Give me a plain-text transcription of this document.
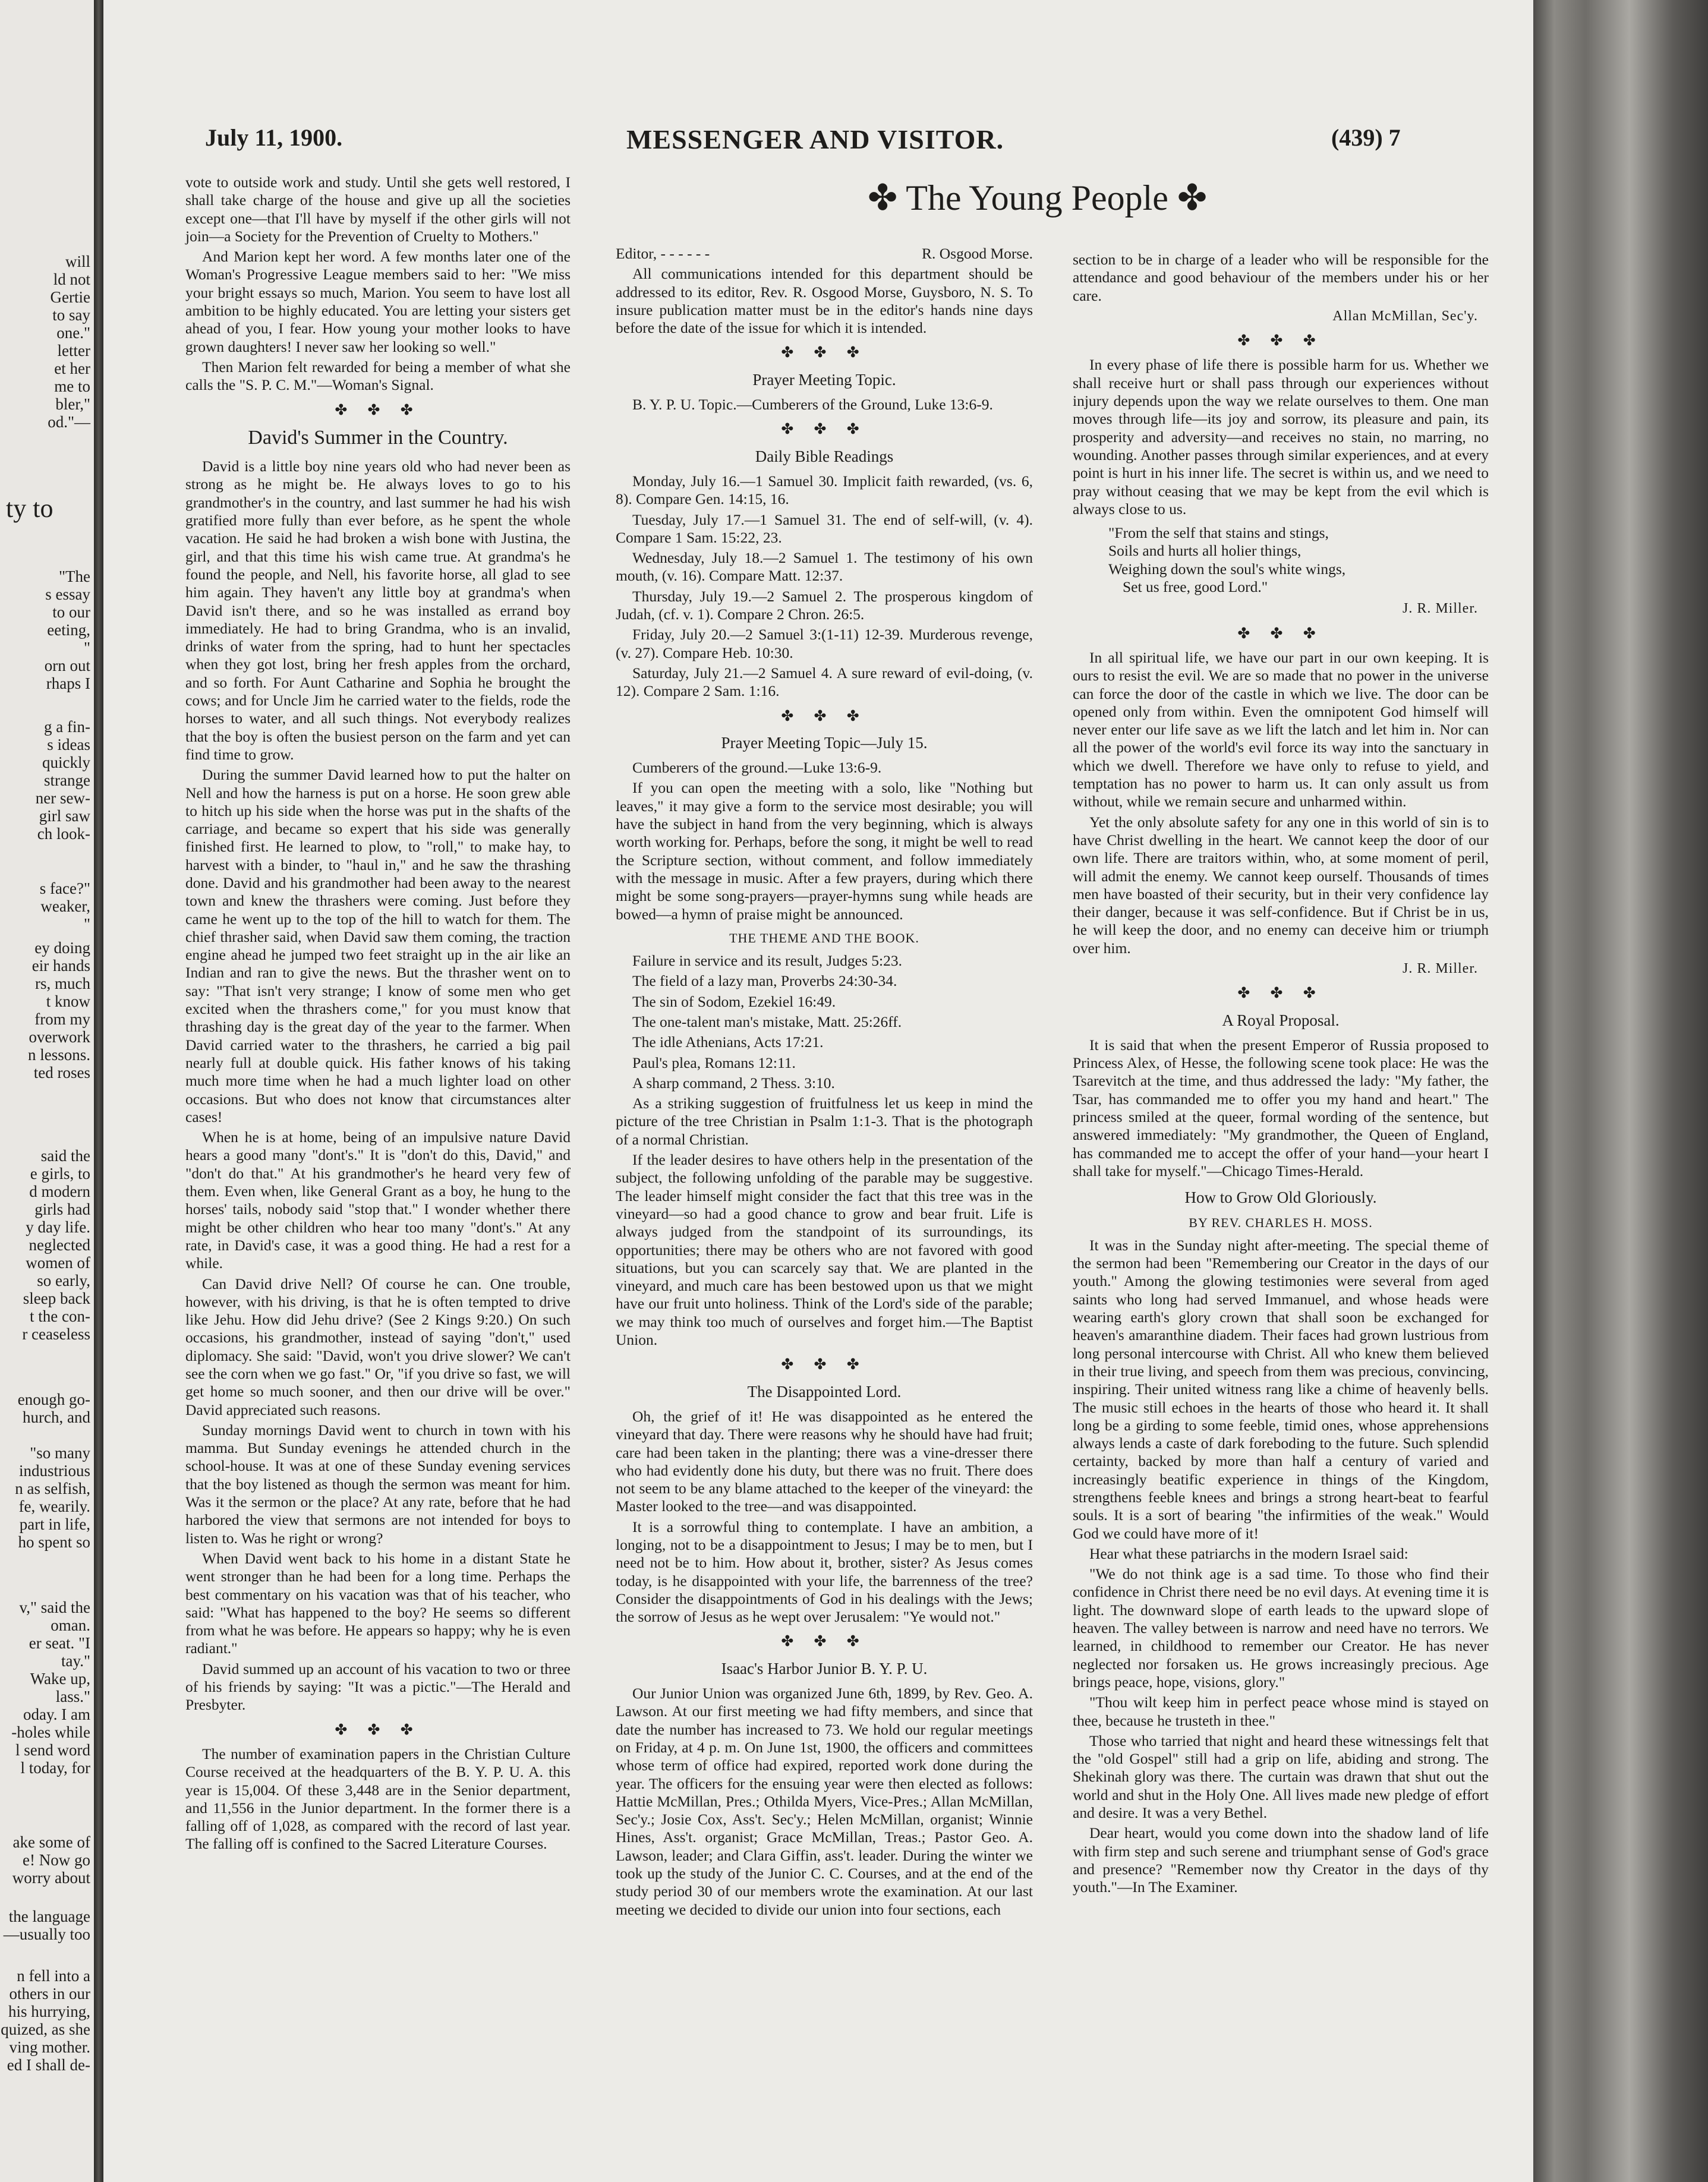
will
ld not
Gertie
to say
one."
letter
et her
me to
bler,"
od."—
"The
s essay
to our
eeting,
"
orn out
rhaps I
g a fin-
s ideas
quickly
strange
ner sew-
girl saw
ch look-
s face?"
weaker,
"
ey doing
eir hands
rs, much
t know
from my
overwork
n lessons.
ted roses
said the
e girls, to
d modern
girls had
y day life.
neglected
women of
so early,
sleep back
t the con-
r ceaseless
enough go-
hurch, and
"so many
industrious
n as selfish,
fe, wearily.
part in life,
ho spent so
v," said the
oman.
er seat. "I
tay."
Wake up,
lass."
oday. I am
-holes while
l send word
l today, for
ake some of
e! Now go
worry about
the language
—usually too
n fell into a
others in our
his hurrying,
quized, as she
ving mother.
ed I shall de-
ty to
July 11, 1900.	MESSENGER AND VISITOR.	(439) 7
✤ The Young People ✤

vote to outside work and study. Until she gets well restored, I shall take charge of the house and give up all the societies except one—that I'll have by myself if the other girls will not join—a Society for the Prevention of Cruelty to Mothers."

And Marion kept her word. A few months later one of the Woman's Progressive League members said to her: "We miss your bright essays so much, Marion. You seem to have lost all ambition to be highly educated. You are letting your sisters get ahead of you, I fear. How young your mother looks to have grown daughters! I never saw her looking so well."

Then Marion felt rewarded for being a member of what she calls the "S. P. C. M."—Woman's Signal.

✤ ✤ ✤
David's Summer in the Country.

David is a little boy nine years old who had never been as strong as he might be. He always loves to go to his grandmother's in the country, and last summer he had his wish gratified more fully than ever before, as he spent the whole vacation. He said he had broken a wish bone with Justina, the girl, and that this time his wish came true. At grandma's he found the people, and Nell, his favorite horse, all glad to see him again. They haven't any little boy at grandma's when David isn't there, and so he was installed as errand boy immediately. He had to bring Grandma, who is an invalid, drinks of water from the spring, had to hunt her spectacles when they got lost, bring her fresh apples from the orchard, and so forth. For Aunt Catharine and Sophia he brought the cows; and for Uncle Jim he carried water to the fields, rode the horses to water, and all such things. Not everybody realizes that the boy is often the busiest person on the farm and yet can find time to grow.

During the summer David learned how to put the halter on Nell and how the harness is put on a horse. He soon grew able to hitch up his side when the horse was put in the shafts of the carriage, and became so expert that his side was generally finished first. He learned to plow, to "roll," to make hay, to harvest with a binder, to "haul in," and he saw the thrashing done. David and his grandmother had been away to the nearest town and knew the thrashers were coming. Just before they came he went up to the top of the hill to watch for them. The chief thrasher said, when David saw them coming, the traction engine ahead he jumped two feet straight up in the air like an Indian and ran to give the news. But the thrasher went on to say: "That isn't very strange; I know of some men who get excited when the thrashers come," for you must know that thrashing day is the great day of the year to the farmer. When David carried water to the thrashers, he carried a big pail nearly full at double quick. His father knows of his taking much more time when he had a much lighter load on other occasions. But who does not know that circumstances alter cases!

When he is at home, being of an impulsive nature David hears a good many "dont's." It is "don't do this, David," and "don't do that." At his grandmother's he heard very few of them. Even when, like General Grant as a boy, he hung to the horses' tails, nobody said "stop that." I wonder whether there might be other children who hear too many "dont's." At any rate, in David's case, it was a good thing. He had a rest for a while.

Can David drive Nell? Of course he can. One trouble, however, with his driving, is that he is often tempted to drive like Jehu. How did Jehu drive? (See 2 Kings 9:20.) On such occasions, his grandmother, instead of saying "don't," used diplomacy. She said: "David, won't you drive slower? We can't see the corn when we go fast." Or, "if you drive so fast, we will get home so much sooner, and then our drive will be over." David appreciated such reasons.

Sunday mornings David went to church in town with his mamma. But Sunday evenings he attended church in the school-house. It was at one of these Sunday evening services that the boy listened as though the sermon was meant for him. Was it the sermon or the place? At any rate, before that he had harbored the view that sermons are not intended for boys to listen to. Was he right or wrong?

When David went back to his home in a distant State he went stronger than he had been for a long time. Perhaps the best commentary on his vacation was that of his teacher, who said: "What has happened to the boy? He seems so different from what he was before. He appears so happy; why he is even radiant."

David summed up an account of his vacation to two or three of his friends by saying: "It was a pictic."—The Herald and Presbyter.

✤ ✤ ✤

The number of examination papers in the Christian Culture Course received at the headquarters of the B. Y. P. U. A. this year is 15,004. Of these 3,448 are in the Senior department, and 11,556 in the Junior department. In the former there is a falling off of 1,028, as compared with the record of last year. The falling off is confined to the Sacred Literature Courses.

Editor, - - - - - -	R. Osgood Morse.

All communications intended for this department should be addressed to its editor, Rev. R. Osgood Morse, Guysboro, N. S. To insure publication matter must be in the editor's hands nine days before the date of the issue for which it is intended.

✤ ✤ ✤
Prayer Meeting Topic.

B. Y. P. U. Topic.—Cumberers of the Ground, Luke 13:6-9.

✤ ✤ ✤
Daily Bible Readings

Monday, July 16.—1 Samuel 30. Implicit faith rewarded, (vs. 6, 8). Compare Gen. 14:15, 16.

Tuesday, July 17.—1 Samuel 31. The end of self-will, (v. 4). Compare 1 Sam. 15:22, 23.

Wednesday, July 18.—2 Samuel 1. The testimony of his own mouth, (v. 16). Compare Matt. 12:37.

Thursday, July 19.—2 Samuel 2. The prosperous kingdom of Judah, (cf. v. 1). Compare 2 Chron. 26:5.

Friday, July 20.—2 Samuel 3:(1-11) 12-39. Murderous revenge, (v. 27). Compare Heb. 10:30.

Saturday, July 21.—2 Samuel 4. A sure reward of evil-doing, (v. 12). Compare 2 Sam. 1:16.

✤ ✤ ✤
Prayer Meeting Topic—July 15.

Cumberers of the ground.—Luke 13:6-9.

If you can open the meeting with a solo, like "Nothing but leaves," it may give a form to the service most desirable; you will have the subject in hand from the very beginning, which is always worth working for. Perhaps, before the song, it might be well to read the Scripture section, without comment, and follow immediately with the message in music. After a few prayers, during which there might be some song-prayers—prayer-hymns sung while heads are bowed—a hymn of praise might be announced.

THE THEME AND THE BOOK.

Failure in service and its result, Judges 5:23.

The field of a lazy man, Proverbs 24:30-34.

The sin of Sodom, Ezekiel 16:49.

The one-talent man's mistake, Matt. 25:26ff.

The idle Athenians, Acts 17:21.

Paul's plea, Romans 12:11.

A sharp command, 2 Thess. 3:10.

As a striking suggestion of fruitfulness let us keep in mind the picture of the tree Christian in Psalm 1:1-3. That is the photograph of a normal Christian.

If the leader desires to have others help in the presentation of the subject, the following unfolding of the parable may be suggestive. The leader himself might consider the fact that this tree was in the vineyard—so had a good chance to grow and bear fruit. Life is always judged from the standpoint of its surroundings, its opportunities; there may be others who are not favored with good situations, but you can scarcely say that. We are planted in the vineyard, and much care has been bestowed upon us that we might have our fruit unto holiness. Think of the Lord's side of the parable; we may think too much of ourselves and forget him.—The Baptist Union.

✤ ✤ ✤
The Disappointed Lord.

Oh, the grief of it! He was disappointed as he entered the vineyard that day. There were reasons why he should have had fruit; care had been taken in the planting; there was a vine-dresser there who had evidently done his duty, but there was no fruit. There does not seem to be any blame attached to the keeper of the vineyard: the Master looked to the tree—and was disappointed.

It is a sorrowful thing to contemplate. I have an ambition, a longing, not to be a disappointment to Jesus; I may be to men, but I need not be to him. How about it, brother, sister? As Jesus comes today, is he disappointed with your life, the barrenness of the tree? Consider the disappointments of God in his dealings with the Jews; the sorrow of Jesus as he wept over Jerusalem: "Ye would not."

✤ ✤ ✤
Isaac's Harbor Junior B. Y. P. U.

Our Junior Union was organized June 6th, 1899, by Rev. Geo. A. Lawson. At our first meeting we had fifty members, and since that date the number has increased to 73. We hold our regular meetings on Friday, at 4 p. m. On June 1st, 1900, the officers and committees whose term of office had expired, reported work done during the year. The officers for the ensuing year were then elected as follows: Hattie McMillan, Pres.; Othilda Myers, Vice-Pres.; Allan McMillan, Sec'y.; Josie Cox, Ass't. Sec'y.; Helen McMillan, organist; Winnie Hines, Ass't. organist; Grace McMillan, Treas.; Pastor Geo. A. Lawson, leader; and Clara Giffin, ass't. leader. During the winter we took up the study of the Junior C. C. Courses, and at the end of the study period 30 of our members wrote the examination. At our last meeting we decided to divide our union into four sections, each

section to be in charge of a leader who will be responsible for the attendance and good behaviour of the members under his or her care.

Allan McMillan, Sec'y.
✤ ✤ ✤

In every phase of life there is possible harm for us. Whether we shall receive hurt or shall pass through our experiences without injury depends upon the way we relate ourselves to them. One man moves through life—its joy and sorrow, its pleasure and pain, its prosperity and adversity—and receives no stain, no marring, no wounding. Another passes through similar experiences, and at every point is hurt in his inner life. The secret is within us, and we need to pray without ceasing that we may be kept from the evil which is always close to us.

"From the self that stains and stings,
Soils and hurts all holier things,
Weighing down the soul's white wings,
Set us free, good Lord."
J. R. Miller.
✤ ✤ ✤

In all spiritual life, we have our part in our own keeping. It is ours to resist the evil. We are so made that no power in the universe can force the door of the castle in which we live. The door can be opened only from within. Even the omnipotent God himself will never enter our life save as we lift the latch and let him in. Nor can all the power of the world's evil force its way into the sanctuary in which we dwell. Therefore we have only to refuse to yield, and temptation has no power to harm us. It can only assult us from without, while we remain secure and unharmed within.

Yet the only absolute safety for any one in this world of sin is to have Christ dwelling in the heart. We cannot keep the door of our own life. There are traitors within, who, at some moment of peril, will admit the enemy. We cannot keep ourself. Thousands of times men have boasted of their security, but in their very confidence lay their danger, because it was self-confidence. But if Christ be in us, he will keep the door, and no enemy can deceive him or triumph over him.

J. R. Miller.
✤ ✤ ✤
A Royal Proposal.

It is said that when the present Emperor of Russia proposed to Princess Alex, of Hesse, the following scene took place: He was the Tsarevitch at the time, and thus addressed the lady: "My father, the Tsar, has commanded me to offer you my hand and heart." The princess smiled at the queer, formal wording of the sentence, but answered immediately: "My grandmother, the Queen of England, has commanded me to accept the offer of your hand—your heart I shall take for myself."—Chicago Times-Herald.

How to Grow Old Gloriously.
BY REV. CHARLES H. MOSS.

It was in the Sunday night after-meeting. The special theme of the sermon had been "Remembering our Creator in the days of our youth." Among the glowing testimonies were several from aged saints who long had served Immanuel, and whose heads were wearing earth's glory crown that shall soon be exchanged for heaven's amaranthine diadem. Their faces had grown lustrious from long personal intercourse with Christ. All who knew them believed in their true living, and speech from them was precious, convincing, inspiring. Their united witness rang like a chime of heavenly bells. The music still echoes in the hearts of those who heard it. It shall long be a girding to some feeble, timid ones, whose apprehensions always lends a caste of dark foreboding to the future. Such splendid certainty, backed by more than half a century of varied and increasingly beatific experience in things of the Kingdom, strengthens feeble knees and brings a strong heart-beat to fearful souls. It is a sort of bearing "the infirmities of the weak." Would God we could have more of it!

Hear what these patriarchs in the modern Israel said:

"We do not think age is a sad time. To those who find their confidence in Christ there need be no evil days. At evening time it is light. The downward slope of earth leads to the upward slope of heaven. The valley between is narrow and need have no terrors. We learned, in childhood to remember our Creator. He has never neglected nor forsaken us. He grows increasingly precious. Age brings peace, hope, visions, glory."

"Thou wilt keep him in perfect peace whose mind is stayed on thee, because he trusteth in thee."

Those who tarried that night and heard these witnessings felt that the "old Gospel" still had a grip on life, abiding and strong. The Shekinah glory was there. The curtain was drawn that shut out the world and shut in the Holy One. All lives made new pledge of effort and desire. It was a very Bethel.

Dear heart, would you come down into the shadow land of life with firm step and such serene and triumphant sense of God's grace and presence? "Remember now thy Creator in the days of thy youth."—In The Examiner.
